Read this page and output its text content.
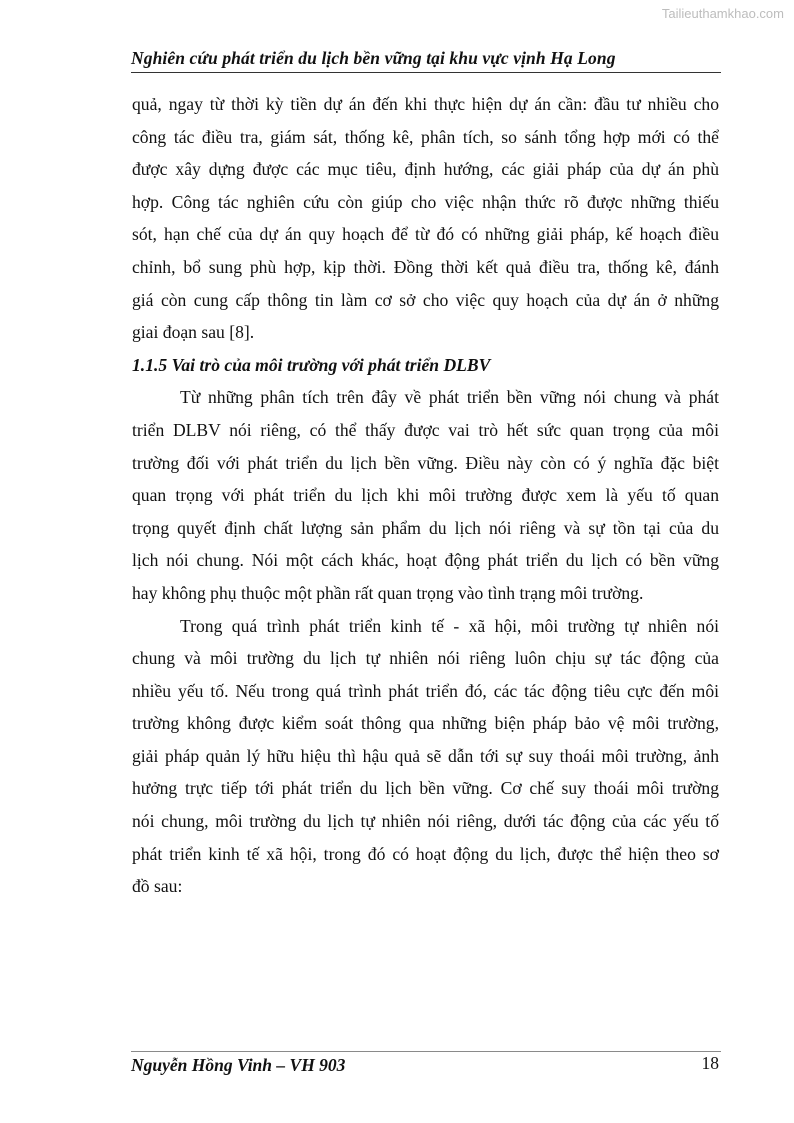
Tailieuthamkhao.com
Nghiên cứu phát triển du lịch bền vững tại khu vực vịnh Hạ Long
quả, ngay từ thời kỳ tiền dự án đến khi thực hiện dự án cần: đầu tư nhiều cho
công tác điều tra, giám sát, thống kê, phân tích, so sánh tổng hợp mới có thể
được xây dựng được các mục tiêu, định hướng, các giải pháp của dự án phù
hợp. Công tác nghiên cứu còn giúp cho việc nhận thức rõ được những thiếu
sót, hạn chế của dự án quy hoạch để từ đó có những giải pháp, kế hoạch điều
chỉnh, bổ sung phù hợp, kịp thời. Đồng thời kết quả điều tra, thống kê, đánh
giá còn cung cấp thông tin làm cơ sở cho việc quy hoạch của dự án ở những
giai đoạn sau [8].
1.1.5 Vai trò của môi trường với phát triển DLBV
Từ những phân tích trên đây về phát triển bền vững nói chung và phát
triển DLBV nói riêng, có thể thấy được vai trò hết sức quan trọng của môi
trường đối với phát triển du lịch bền vững. Điều này còn có ý nghĩa đặc biệt
quan trọng với phát triển du lịch khi môi trường được xem là yếu tố quan
trọng quyết định chất lượng sản phẩm du lịch nói riêng và sự tồn tại của du
lịch nói chung. Nói một cách khác, hoạt động phát triển du lịch có bền vững
hay không phụ thuộc một phần rất quan trọng vào tình trạng môi trường.
Trong quá trình phát triển kinh tế - xã hội, môi trường tự nhiên nói
chung và môi trường du lịch tự nhiên nói riêng luôn chịu sự tác động của
nhiều yếu tố. Nếu trong quá trình phát triển đó, các tác động tiêu cực đến môi
trường không được kiểm soát thông qua những biện pháp bảo vệ môi trường,
giải pháp quản lý hữu hiệu thì hậu quả sẽ dẫn tới sự suy thoái môi trường, ảnh
hưởng trực tiếp tới phát triển du lịch bền vững. Cơ chế suy thoái môi trường
nói chung, môi trường du lịch tự nhiên nói riêng, dưới tác động của các yếu tố
phát triển kinh tế xã hội, trong đó có hoạt động du lịch, được thể hiện theo sơ
đồ sau:
Nguyễn Hồng Vinh – VH 903	18
